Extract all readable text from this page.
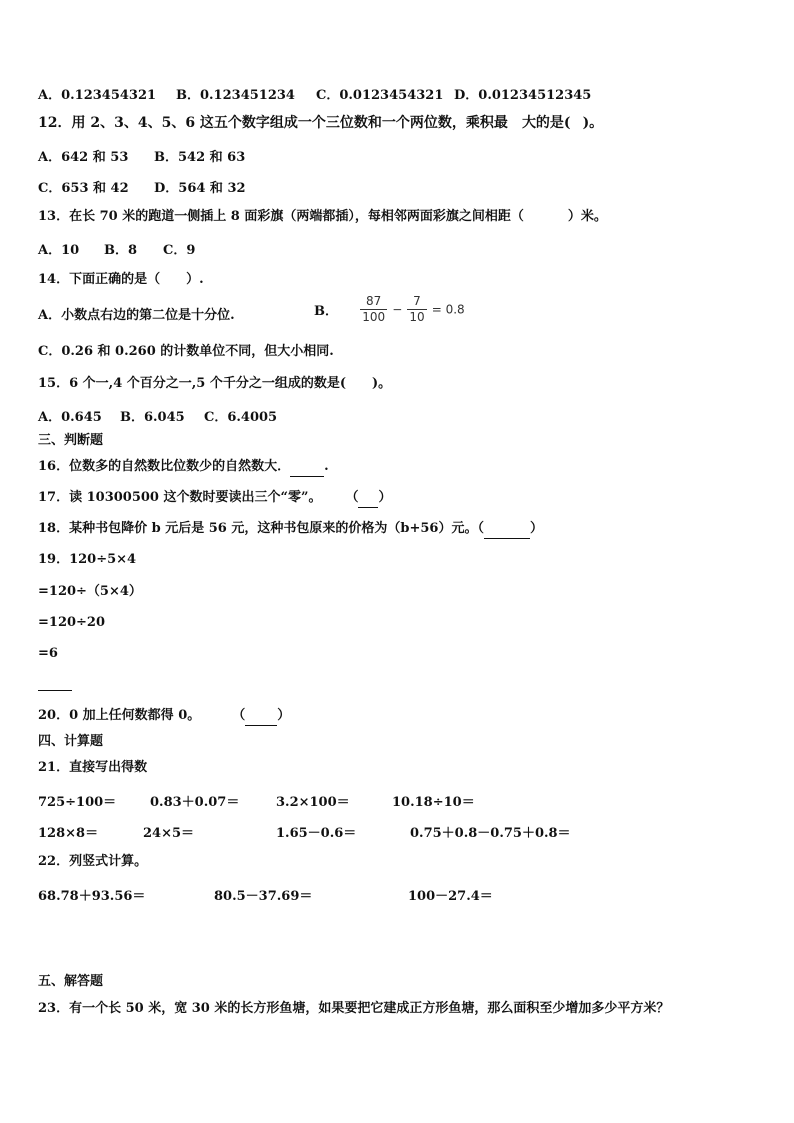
A．0.123454321 B．0.123451234 C．0.0123454321 D．0.01234512345
12．用 2、3、4、5、6 这五个数字组成一个三位数和一个两位数，乘积最 大的是( )。
A．642 和 53 B．542 和 63
C．653 和 42 D．564 和 32
13．在长 70 米的跑道一侧插上 8 面彩旗（两端都插），每相邻两面彩旗之间相距（	）米。
A．10 B．8 C．9
14．下面正确的是（　　）.
A．小数点右边的第二位是十分位.	B． $\frac{87}{100} - \frac{7}{10} = 0.8$
C．0.26 和 0.260 的计数单位不同，但大小相同.
15．6 个一,4 个百分之一,5 个千分之一组成的数是(　　)。
A．0.645 B．6.045 C．6.4005
三、判断题
16．位数多的自然数比位数少的自然数大．	.
17．读 10300500 这个数时要读出三个“零”。 （ ）
18．某种书包降价 b 元后是 56 元，这种书包原来的价格为（b+56）元。（	）
19．120÷5×4
=120÷（5×4）
=120÷20
=6
20．0 加上任何数都得 0。 （ ）
四、计算题
21．直接写出得数
725÷100＝	0.83＋0.07＝	3.2×100＝	10.18÷10＝
128×8＝	24×5＝	1.65－0.6＝	0.75＋0.8－0.75＋0.8＝
22．列竖式计算。
68.78＋93.56＝	80.5－37.69＝	100－27.4＝
五、解答题
23．有一个长 50 米，宽 30 米的长方形鱼塘，如果要把它建成正方形鱼塘，那么面积至少增加多少平方米？
